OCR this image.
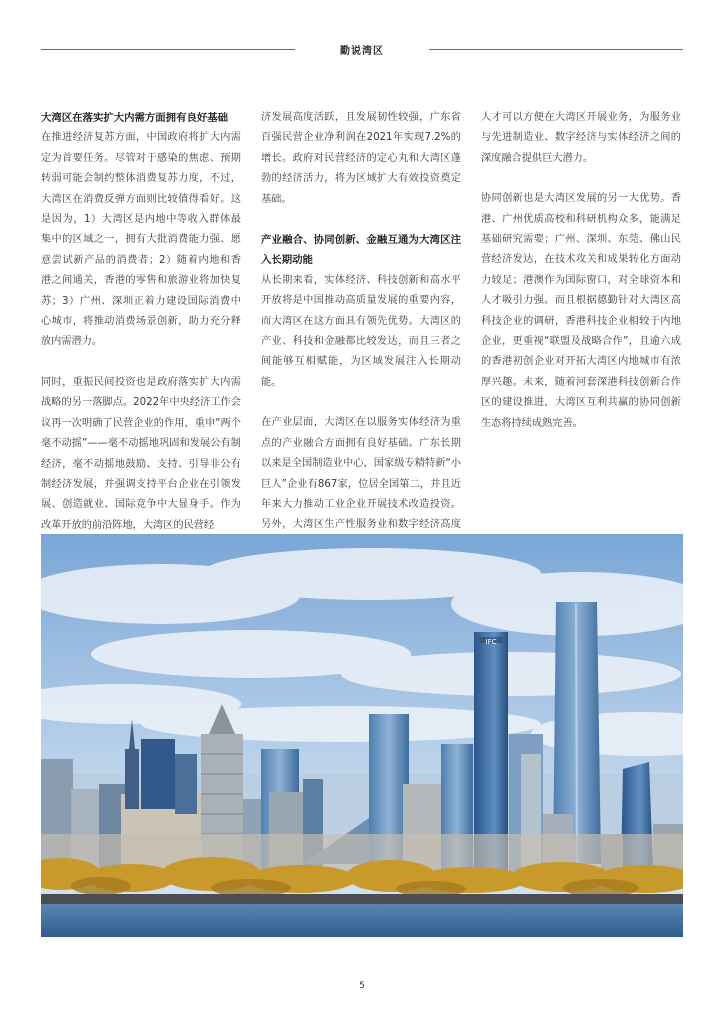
勤说湾区
大湾区在落实扩大内需方面拥有良好基础

在推进经济复苏方面，中国政府将扩大内需定为首要任务。尽管对于感染的焦虑、预期转弱可能会制约整体消费复苏力度，不过，大湾区在消费反弹方面则比较值得看好。这是因为，1）大湾区是内地中等收入群体最集中的区域之一，拥有大批消费能力强、愿意尝试新产品的消费者；2）随着内地和香港之间通关，香港的零售和旅游业将加快复苏；3）广州、深圳正着力建设国际消费中心城市，将推动消费场景创新，助力充分释放内需潜力。

同时，重振民间投资也是政府落实扩大内需战略的另一落脚点。2022年中央经济工作会议再一次明确了民营企业的作用，重申“两个毫不动摇”——毫不动摇地巩固和发展公有制经济，毫不动摇地鼓励、支持、引导非公有制经济发展，并强调支持平台企业在引领发展、创造就业、国际竞争中大显身手。作为改革开放的前沿阵地，大湾区的民营经

济发展高度活跃，且发展韧性较强，广东省百强民营企业净利润在2021年实现7.2%的增长。政府对民营经济的定心丸和大湾区蓬勃的经济活力，将为区域扩大有效投资奠定基础。

产业融合、协同创新、金融互通为大湾区注入长期动能

从长期来看，实体经济、科技创新和高水平开放将是中国推动高质量发展的重要内容，而大湾区在这方面具有领先优势。大湾区的产业、科技和金融都比较发达，而且三者之间能够互相赋能，为区域发展注入长期动能。

在产业层面，大湾区在以服务实体经济为重点的产业融合方面拥有良好基础。广东长期以来是全国制造业中心，国家级专精特新“小巨人”企业有867家，位居全国第二，并且近年来大力推动工业企业开展技术改造投资。另外，大湾区生产性服务业和数字经济高度

人才可以方便在大湾区开展业务，为服务业与先进制造业、数字经济与实体经济之间的深度融合提供巨大潜力。

协同创新也是大湾区发展的另一大优势。香港、广州优质高校和科研机构众多，能满足基础研究需要；广州、深圳、东莞、佛山民营经济发达，在技术攻关和成果转化方面动力较足；港澳作为国际窗口，对全球资本和人才吸引力强。而且根据德勤针对大湾区高科技企业的调研，香港科技企业相较于内地企业，更重视“联盟及战略合作”，且逾六成的香港初创企业对开拓大湾区内地城市有浓厚兴趣。未来，随着河套深港科技创新合作区的建设推进，大湾区互利共赢的协同创新生态将持续成熟完善。

IFC
5
